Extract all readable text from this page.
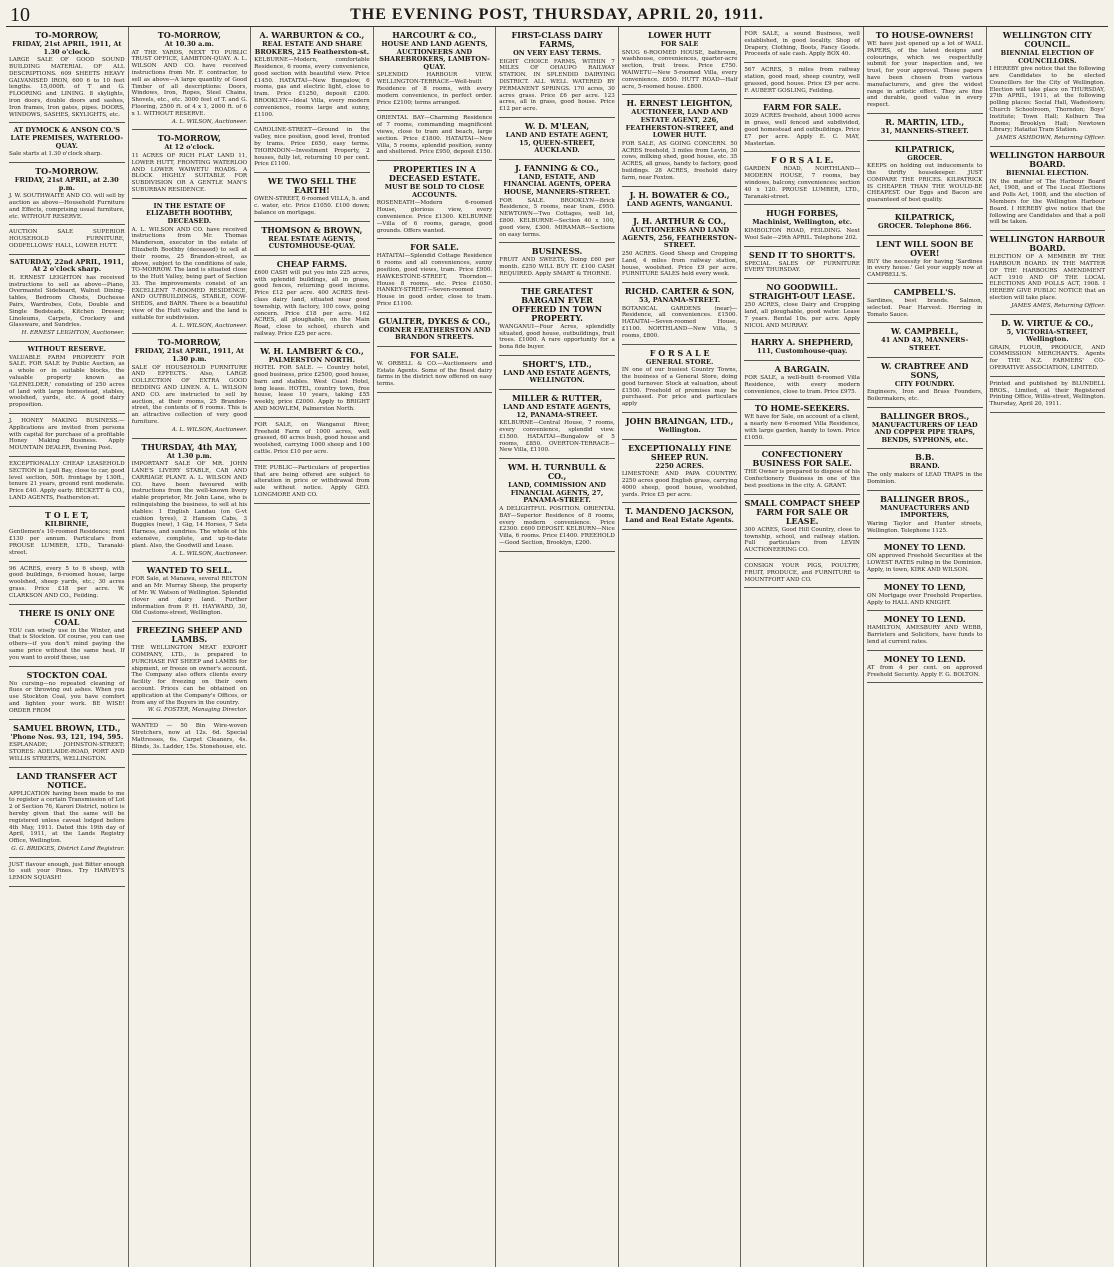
10	THE EVENING POST, THURSDAY, APRIL 20, 1911.
TO-MORROW,
FRIDAY, 21st APRIL, 1911, At 1.30 o'clock.

LARGE SALE OF GOOD SOUND BUILDING MATERIAL OF ALL DESCRIPTIONS. 609 SHEETS HEAVY GALVANISED IRON, 600 6 to 10 feet lengths. 15,000ft. of T and G. FLOORING and LINING. 8 skylights, iron doors, double doors and sashes, Iron frames, Iron gates, pipes. DOORS, WINDOWS, SASHES, SKYLIGHTS, etc.

AT DYMOCK & ANSON CO.'S LATE PREMISES, WATERLOO-QUAY.

Sale starts at 1.30 o'clock sharp.

TO-MORROW.
FRIDAY, 21st APRIL, at 2.30 p.m.

J. W. SOUTHWAITE AND CO. will sell by auction as above—Household Furniture and Effects, comprising usual furniture, etc. WITHOUT RESERVE.

AUCTION SALE SUPERIOR HOUSEHOLD FURNITURE, ODDFELLOWS' HALL, LOWER HUTT.

SATURDAY, 22nd APRIL, 1911, At 2 o'clock sharp.

H. ERNEST LEIGHTON has received instructions to sell as above—Piano, Overmantel Sideboard, Walnut Dining-tables, Bedroom Chests, Duchesse Pairs, Wardrobes, Cots, Double and Single Bedsteads, Kitchen Dresser, Linoleums, Carpets, Crockery and Glassware, and Sundries.

H. ERNEST LEIGHTON, Auctioneer.

WITHOUT RESERVE.

VALUABLE FARM PROPERTY FOR SALE. FOR SALE by Public Auction, as a whole or in suitable blocks, the valuable property known as 'GLENELDER,' consisting of 250 acres of land with large homestead, stables, woolshed, yards, etc. A good dairy proposition.

J. HONEY MAKING BUSINESS.—Applications are invited from persons with capital for purchase of a profitable Honey Making Business. Apply MOUNTAIN DEALER, Evening Post.

EXCEPTIONALLY CHEAP LEASEHOLD SECTION in Lyall Bay, close to car, good level section, 50ft. frontage by 130ft., tenure 21 years, ground rent moderate. Price £40. Apply early. BECKETT & CO., LAND AGENTS, Featherston-st.

T O L E T,
KILBIRNIE,

Gentlemen's 10-roomed Residence; rent £130 per annum. Particulars from PROUSE LUMBER, LTD., Taranaki-street.

96 ACRES, every 5 to 6 sheep, with good buildings, 6-roomed house, large woolshed, sheep yards, etc.; 30 acres grass. Price £18 per acre. W. CLARKSON AND CO., Feilding.

THERE IS ONLY ONE COAL

YOU can wisely use in the Winter, and that is Stockton. Of course, you can use others—if you don't mind paying the same price without the same heat. If you want to avoid these, use

STOCKTON COAL

No cursing—no repeated cleaning of flues or throwing out ashes. When you use Stockton Coal, you have comfort and lighten your work. BE WISE! ORDER FROM

SAMUEL BROWN, LTD.,
'Phone Nos. 93, 121, 194, 595.

ESPLANADE; JOHNSTON-STREET; STORES: ADELAIDE-ROAD, PORT AND WILLIS STREETS, WELLINGTON.

LAND TRANSFER ACT NOTICE.

APPLICATION having been made to me to register a certain Transmission of Lot 2 of Section 76, Karori District, notice is hereby given that the same will be registered unless caveat lodged before 4th May, 1911. Dated this 19th day of April, 1911, at the Lands Registry Office, Wellington.

G. G. BRIDGES, District Land Registrar.

JUST flavour enough, just Bitter enough to suit your Pines. Try HARVEY'S LEMON SQUASH!

TO-MORROW,
At 10.30 a.m.

AT THE YARDS, NEXT TO PUBLIC TRUST OFFICE, LAMBTON-QUAY. A. L. WILSON AND CO. have received instructions from Mr. F. contractor, to sell as above—A large quantity of Good Timber of all descriptions: Doors, Windows, Iron, Ropes, Steel Chains, Shovels, etc., etc. 3000 feet of T. and G. Flooring, 2500 ft. of 4 x 1, 2000 ft. of 6 x 1. WITHOUT RESERVE.

A. L. WILSON, Auctioneer.

TO-MORROW,
At 12 o'clock.

11 ACRES OF RICH FLAT LAND 11, LOWER HUTT, FRONTING WATERLOO AND LOWER WAIWETU ROADS. A BLOCK HIGHLY SUITABLE FOR SUBDIVISION OR A GENTLE MAN'S SUBURBAN RESIDENCE.

IN THE ESTATE OF ELIZABETH BOOTHBY, DECEASED.

A. L. WILSON AND CO. have received instructions from Mr. Thomas Manderson, executor in the estate of Elizabeth Boothby (deceased) to sell at their rooms, 25 Brandon-street, as above, subject to the conditions of sale, TO-MORROW. The land is situated close to the Hutt Valley, being part of Section 33. The improvements consist of an EXCELLENT 7-ROOMED RESIDENCE, AND OUTBUILDINGS, STABLE, COW-SHEDS, and BARN. There is a beautiful view of the Hutt valley and the land is suitable for subdivision.

A. L. WILSON, Auctioneer.

TO-MORROW,
FRIDAY, 21st APRIL, 1911, At 1.30 p.m.

SALE OF HOUSEHOLD FURNITURE AND EFFECTS. Also, LARGE COLLECTION OF EXTRA GOOD BEDDING AND LINEN. A. L. WILSON AND CO. are instructed to sell by auction, at their rooms, 25 Brandon-street, the contents of 6 rooms. This is an attractive collection of very good furniture.

A. L. WILSON, Auctioneer.

THURSDAY, 4th MAY,
At 1.30 p.m.

IMPORTANT SALE OF MR. JOHN LANE'S LIVERY STABLE, CAB AND CARRIAGE PLANT. A. L. WILSON AND CO. have been favoured with instructions from the well-known livery stable proprietor, Mr. John Lane, who is relinquishing the business, to sell at his stables: 1 English Landau (on G-vt cushion tyres), 2 Hansom Cabs, 3 Buggies (new), 1 Gig, 14 Horses, 7 Sets Harness, and sundries. The whole of his extensive, complete, and up-to-date plant. Also, the Goodwill and Lease.

A. L. WILSON, Auctioneer.

WANTED TO SELL.

FOR Sale, at Manawa, several RECTON and an Mr. Murray Sheep, the property of Mr. W. Watson of Wellington. Splendid clover and dairy land. Further information from P. H. HAYWARD, 30, Old Customs-street, Wellington.

FREEZING SHEEP AND LAMBS.

THE WELLINGTON MEAT EXPORT COMPANY, LTD., is prepared to PURCHASE FAT SHEEP and LAMBS for shipment, or freeze on owner's account. The Company also offers clients every facility for freezing on their own account. Prices can be obtained on application at the Company's Offices, or from any of the Buyers in the country.

W. G. FOSTER, Managing Director.

WANTED — 50 Bin Wire-woven Stretchers, now at 12s. 6d. Special Mattresses, 6s. Carpet Cleaners, 4s. Blinds, 3s. Ladder, 15s. Stonehouse, etc.

A. WARBURTON & CO.,
REAL ESTATE AND SHARE BROKERS, 215 Featherston-st.

KELBURNE—Modern, comfortable Residence, 6 rooms, every convenience, good section with beautiful view. Price £1450. HATAITAI—New Bungalow, 6 rooms, gas and electric light, close to tram. Price £1250, deposit £200. BROOKLYN—Ideal Villa, every modern convenience, rooms large and sunny, £1100.

CAROLINE-STREET—Ground in the valley, nice position, good level, fronted by trams. Price £650, easy terms. THORNDON—Investment Property, 2 houses, fully let, returning 10 per cent. Price £1100.

WE TWO SELL THE EARTH!

OWEN-STREET, 6-roomed VILLA, h. and c. water, etc. Price £1050. £100 down; balance on mortgage.

THOMSON & BROWN,
REAL ESTATE AGENTS, CUSTOMHOUSE-QUAY.
CHEAP FARMS.

£600 CASH will put you into 225 acres, with splendid buildings, all in grass, good fences, returning good income. Price £12 per acre. 400 ACRES first-class dairy land, situated near good township, with factory, 100 cows, going concern. Price £18 per acre. 162 ACRES, all ploughable, on the Main Road, close to school, church and railway. Price £25 per acre.

W. H. LAMBERT & CO.,
PALMERSTON NORTH.

HOTEL FOR SALE. — Country hotel, good business, price £2500, good house, barn and stables. West Coast Hotel, long lease. HOTEL, country town, free house, lease 10 years, taking £55 weekly, price £2000. Apply to BRIGHT AND MOWLEM, Palmerston North.

FOR SALE, on Wanganui River, Freehold Farm of 1000 acres, well grassed, 60 acres bush, good house and woolshed, carrying 1000 sheep and 100 cattle. Price £10 per acre.

THE PUBLIC—Particulars of properties that are being offered are subject to alteration in price or withdrawal from sale without notice. Apply GEO. LONGMORE AND CO.

HARCOURT & CO.,
HOUSE AND LAND AGENTS, AUCTIONEERS AND SHAREBROKERS, LAMBTON-QUAY.

SPLENDID HARBOUR VIEW. WELLINGTON-TERRACE—Well-built Residence of 8 rooms, with every modern convenience, in perfect order. Price £2100; terms arranged.

ORIENTAL BAY—Charming Residence of 7 rooms, commanding magnificent views, close to tram and beach, large section. Price £1800. HATAITAI—New Villa, 5 rooms, splendid position, sunny and sheltered. Price £950, deposit £150.

PROPERTIES IN A DECEASED ESTATE.
MUST BE SOLD TO CLOSE ACCOUNTS.

ROSENEATH—Modern 6-roomed House, glorious view, every convenience. Price £1300. KELBURNE—Villa of 6 rooms, garage, good grounds. Offers wanted.

FOR SALE.

HATAITAI—Splendid Cottage Residence 6 rooms and all conveniences, sunny position, good views, tram. Price £900. HAWKESTONE-STREET, Thorndon—House 8 rooms, etc. Price £1050. HANKEY-STREET—Seven-roomed House in good order, close to tram. Price £1100.

GUALTER, DYKES & CO.,
CORNER FEATHERSTON AND BRANDON STREETS.
FOR SALE.

W. ORBELL & CO.—Auctioneers and Estate Agents. Some of the finest dairy farms in the district now offered on easy terms.

FIRST-CLASS DAIRY FARMS,
ON VERY EASY TERMS.

EIGHT CHOICE FARMS, WITHIN 7 MILES OF OHAUPO RAILWAY STATION. IN SPLENDID DAIRYING DISTRICT. ALL WELL WATERED BY PERMANENT SPRINGS. 170 acres, 30 acres grass. Price £6 per acre. 123 acres, all in grass, good house. Price £12 per acre.

W. D. M'LEAN,
LAND AND ESTATE AGENT, 15, QUEEN-STREET, AUCKLAND.
J. FANNING & CO.,
LAND, ESTATE, AND FINANCIAL AGENTS, OPERA HOUSE, MANNERS-STREET.

FOR SALE. BROOKLYN—Brick Residence, 5 rooms, near tram, £950. NEWTOWN—Two Cottages, well let, £800. KELBURNE—Section 40 x 100, good view, £300. MIRAMAR—Sections on easy terms.

BUSINESS.

FRUIT AND SWEETS, Doing £60 per month. £250 WILL BUY IT. £100 CASH REQUIRED. Apply SMART & THORNE.

THE GREATEST BARGAIN EVER OFFERED IN TOWN PROPERTY.

WANGANUI—Four Acres, splendidly situated, good house, outbuildings, fruit trees. £1000. A rare opportunity for a bona fide buyer.

SHORT'S, LTD.,
LAND AND ESTATE AGENTS, WELLINGTON.
MILLER & RUTTER,
LAND AND ESTATE AGENTS, 12, PANAMA-STREET.

KELBURNE—Central House, 7 rooms, every convenience, splendid view. £1500. HATAITAI—Bungalow of 5 rooms, £850. OVERTON-TERRACE—New Villa, £1100.

WM. H. TURNBULL & CO.,
LAND, COMMISSION AND FINANCIAL AGENTS, 27, PANAMA-STREET.

A DELIGHTFUL POSITION. ORIENTAL BAY—Superior Residence of 8 rooms, every modern convenience. Price £2300. £600 DEPOSIT. KELBURN—Nice Villa, 6 rooms. Price £1400. FREEHOLD—Good Section, Brooklyn, £200.

LOWER HUTT
FOR SALE

SNUG 6-ROOMED HOUSE, bathroom, washhouse, conveniences, quarter-acre section, fruit trees. Price £750. WAIWETU—New 5-roomed Villa, every convenience. £650. HUTT ROAD—Half acre, 5-roomed house. £800.

H. ERNEST LEIGHTON,
AUCTIONEER, LAND AND ESTATE AGENT, 226, FEATHERSTON-STREET, and LOWER HUTT.

FOR SALE, AS GOING CONCERN. 50 ACRES freehold, 3 miles from Levin, 30 cows, milking shed, good house, etc. 35 ACRES, all grass, handy to factory, good buildings. 28 ACRES, freehold dairy farm, near Foxton.

J. H. BOWATER & CO.,
LAND AGENTS, WANGANUI.
J. H. ARTHUR & CO.,
AUCTIONEERS AND LAND AGENTS, 256, FEATHERSTON-STREET.

250 ACRES. Good Sheep and Cropping Land, 4 miles from railway station, house, woolshed. Price £9 per acre. FURNITURE SALES held every week.

RICHD. CARTER & SON,
53, PANAMA-STREET.

BOTANICAL GARDENS (near)—Residence, all conveniences. £1500. HATAITAI—Seven-roomed House, £1100. NORTHLAND—New Villa, 5 rooms, £800.

F O R S A L E
GENERAL STORE.

IN one of our busiest Country Towns, the business of a General Store, doing good turnover. Stock at valuation, about £1500. Freehold of premises may be purchased. For price and particulars apply

JOHN BRAINGAN, LTD.,
Wellington.
EXCEPTIONALLY FINE SHEEP RUN.
2250 ACRES.

LIMESTONE AND PAPA COUNTRY. 2250 acres good English grass, carrying 4000 sheep, good house, woolshed, yards. Price £5 per acre.

T. MANDENO JACKSON,
Land and Real Estate Agents.

FOR SALE, a sound Business, well established, in good locality. Shop of Drapery, Clothing, Boots, Fancy Goods. Proceeds of sale cash. Apply BOX 40.

567 ACRES, 5 miles from railway station, good road, sheep country, well grassed, good house. Price £9 per acre. F. AUBERT GOSLING, Feilding.

FARM FOR SALE.

2029 ACRES freehold, about 1000 acres in grass, well fenced and subdivided, good homestead and outbuildings. Price £7 per acre. Apply E. C. MAY, Mastertan.

F O R S A L E.

GARDEN ROAD, NORTHLAND—MODERN HOUSE, 7 rooms, bay windows, balcony, conveniences; section 40 x 120. PROUSE LUMBER, LTD., Taranaki-street.

HUGH FORBES,
Machinist, Wellington, etc.

KIMBOLTON ROAD, FEILDING. Next Wool Sale—29th APRIL. Telephone 202.

SEND IT TO SHORTT'S.

SPECIAL SALES OF FURNITURE EVERY THURSDAY.

NO GOODWILL. STRAIGHT-OUT LEASE.

250 ACRES, close Dairy and Cropping land, all ploughable, good water. Lease 7 years. Rental 10s. per acre. Apply NICOL AND MURRAY.

HARRY A. SHEPHERD,
111, Customhouse-quay.
A BARGAIN.

FOR SALE, a well-built 6-roomed Villa Residence, with every modern convenience, close to tram. Price £975.

TO HOME-SEEKERS.

WE have for Sale, on account of a client, a nearly new 6-roomed Villa Residence, with large garden, handy to town. Price £1050.

CONFECTIONERY BUSINESS FOR SALE.

THE Owner is prepared to dispose of his Confectionery Business in one of the best positions in the city. A. GRANT.

SMALL COMPACT SHEEP FARM FOR SALE OR LEASE.

300 ACRES, Good Hill Country, close to township, school, and railway station. Full particulars from LEVIN AUCTIONEERING CO.

CONSIGN YOUR PIGS, POULTRY, FRUIT, PRODUCE, and FURNITURE to MOUNTFORT AND CO.

TO HOUSE-OWNERS!

WE have just opened up a lot of WALL PAPERS, of the latest designs and colourings, which we respectfully submit for your inspection and, we trust, for your approval. These papers have been chosen from various manufacturers, and give the widest range in artistic effect. They are fine and durable, good value in every respect.

R. MARTIN, LTD.,
31, MANNERS-STREET.
KILPATRICK,
GROCER.

KEEPS on holding out inducements to the thrifty housekeeper. JUST COMPARE THE PRICES. KILPATRICK IS CHEAPER THAN THE WOULD-BE CHEAPEST. Our Eggs and Bacon are guaranteed of best quality.

KILPATRICK,
GROCER. Telephone 866.
LENT WILL SOON BE OVER!

BUY the necessity for having 'Sardines in every house.' Get your supply now at CAMPBELL'S.

CAMPBELL'S.

Sardines, best brands. Salmon, selected. Pear Harvest. Herring in Tomato Sauce.

W. CAMPBELL,
41 AND 43, MANNERS-STREET.
W. CRABTREE AND SONS,
CITY FOUNDRY.

Engineers, Iron and Brass Founders, Boilermakers, etc.

BALLINGER BROS.,
MANUFACTURERS OF LEAD AND COPPER PIPE TRAPS, BENDS, SYPHONS, etc.
B.B.
BRAND.

The only makers of LEAD TRAPS in the Dominion.

BALLINGER BROS.,
MANUFACTURERS AND IMPORTERS,

Waring Taylor and Hunter streets, Wellington. Telephone 1125.

MONEY TO LEND.

ON approved Freehold Securities at the LOWEST RATES ruling in the Dominion. Apply, in town, KIRK AND WILSON.

MONEY TO LEND,

ON Mortgage over Freehold Properties. Apply to HALL AND KNIGHT.

MONEY TO LEND.

HAMILTON, AMESBURY AND WEBB, Barristers and Solicitors, have funds to lend at current rates.

MONEY TO LEND.

AT from 4 per cent. on approved Freehold Security. Apply F. G. BOLTON.

WELLINGTON CITY COUNCIL.
BIENNIAL ELECTION OF COUNCILLORS.

I HEREBY give notice that the following are Candidates to be elected Councillors for the City of Wellington. Election will take place on THURSDAY, 27th APRIL, 1911, at the following polling places: Social Hall, Wadestown; Church Schoolroom, Thorndon; Boys' Institute; Town Hall; Kelburn Tea Rooms; Brooklyn Hall; Newtown Library; Hataitai Tram Station.

JAMES ASHDOWN, Returning Officer.

WELLINGTON HARBOUR BOARD.
BIENNIAL ELECTION.

IN the matter of The Harbour Board Act, 1908, and of The Local Elections and Polls Act, 1908, and the election of Members for the Wellington Harbour Board. I HEREBY give notice that the following are Candidates and that a poll will be taken.

WELLINGTON HARBOUR BOARD.

ELECTION OF A MEMBER BY THE HARBOUR BOARD. IN THE MATTER OF THE HARBOURS AMENDMENT ACT 1910 AND OF THE LOCAL ELECTIONS AND POLLS ACT, 1908. I HEREBY GIVE PUBLIC NOTICE that an election will take place.

JAMES AMES, Returning Officer.

D. W. VIRTUE & CO.,
5, VICTORIA-STREET, Wellington.

GRAIN, FLOUR, PRODUCE, AND COMMISSION MERCHANTS. Agents for THE N.Z. FARMERS' CO-OPERATIVE ASSOCIATION, LIMITED.

Printed and published by BLUNDELL BROS., Limited, at their Registered Printing Office, Willis-street, Wellington. Thursday, April 20, 1911.
